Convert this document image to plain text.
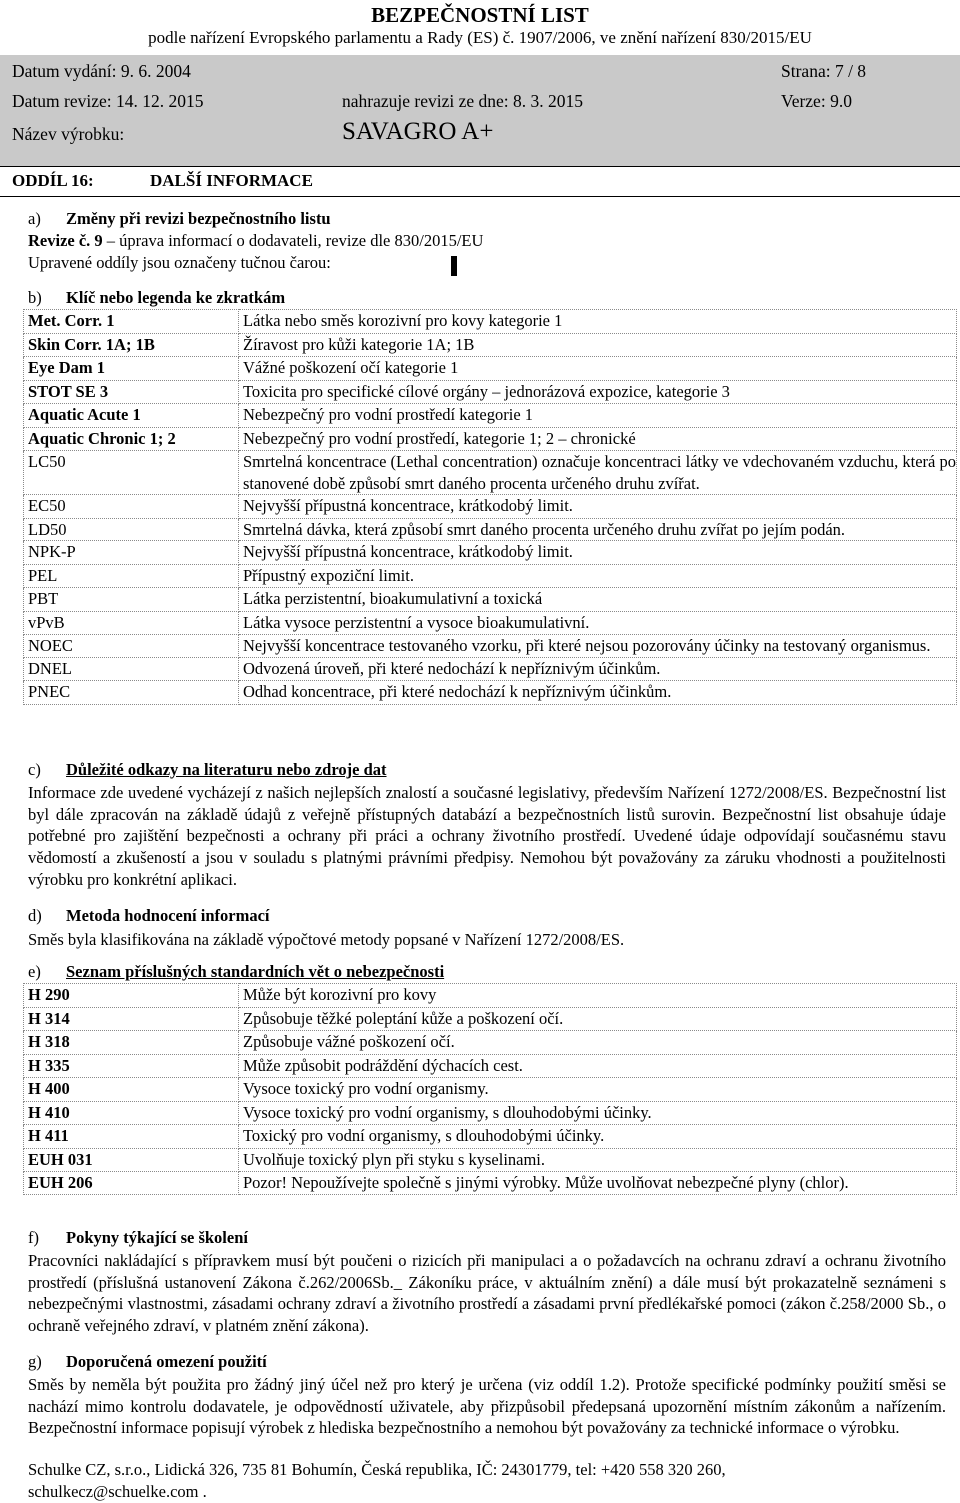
BEZPEČNOSTNÍ LIST
podle nařízení Evropského parlamentu a Rady (ES) č. 1907/2006, ve znění nařízení 830/2015/EU
Datum vydání: 9. 6. 2004	Strana: 7 / 8
Datum revize: 14. 12. 2015	nahrazuje revizi ze dne: 8. 3. 2015	Verze: 9.0
Název výrobku:	SAVAGRO A+
ODDÍL 16:	DALŠÍ INFORMACE
a) Změny při revizi bezpečnostního listu
Revize č. 9 – úprava informací o dodavateli, revize dle 830/2015/EU
Upravené oddíly jsou označeny tučnou čarou:
b) Klíč nebo legenda ke zkratkám
Met. Corr. 1	Látka nebo směs korozivní pro kovy kategorie 1
Skin Corr. 1A; 1B	Žíravost pro kůži kategorie 1A; 1B
Eye Dam 1	Vážné poškození očí kategorie 1
STOT SE 3	Toxicita pro specifické cílové orgány – jednorázová expozice, kategorie 3
Aquatic Acute 1	Nebezpečný pro vodní prostředí kategorie 1
Aquatic Chronic 1; 2	Nebezpečný pro vodní prostředí, kategorie 1; 2 – chronické
LC50	Smrtelná koncentrace (Lethal concentration) označuje koncentraci látky ve vdechovaném vzduchu, která po stanovené době způsobí smrt daného procenta určeného druhu zvířat.
EC50	Nejvyšší přípustná koncentrace, krátkodobý limit.
LD50	Smrtelná dávka, která způsobí smrt daného procenta určeného druhu zvířat po jejím podán.
NPK-P	Nejvyšší přípustná koncentrace, krátkodobý limit.
PEL	Přípustný expoziční limit.
PBT	Látka perzistentní, bioakumulativní a toxická
vPvB	Látka vysoce perzistentní a vysoce bioakumulativní.
NOEC	Nejvyšší koncentrace testovaného vzorku, při které nejsou pozorovány účinky na testovaný organismus.
DNEL	Odvozená úroveň, při které nedochází k nepříznivým účinkům.
PNEC	Odhad koncentrace, při které nedochází k nepříznivým účinkům.
c) Důležité odkazy na literaturu nebo zdroje dat
Informace zde uvedené vycházejí z našich nejlepších znalostí a současné legislativy, především Nařízení 1272/2008/ES. Bezpečnostní list byl dále zpracován na základě údajů z veřejně přístupných databází a bezpečnostních listů surovin. Bezpečnostní list obsahuje údaje potřebné pro zajištění bezpečnosti a ochrany při práci a ochrany životního prostředí. Uvedené údaje odpovídají současnému stavu vědomostí a zkušeností a jsou v souladu s platnými právními předpisy. Nemohou být považovány za záruku vhodnosti a použitelnosti výrobku pro konkrétní aplikaci.
d) Metoda hodnocení informací
Směs byla klasifikována na základě výpočtové metody popsané v Nařízení 1272/2008/ES.
e) Seznam příslušných standardních vět o nebezpečnosti
H 290	Může být korozivní pro kovy
H 314	Způsobuje těžké poleptání kůže a poškození očí.
H 318	Způsobuje vážné poškození očí.
H 335	Může způsobit podráždění dýchacích cest.
H 400	Vysoce toxický pro vodní organismy.
H 410	Vysoce toxický pro vodní organismy, s dlouhodobými účinky.
H 411	Toxický pro vodní organismy, s dlouhodobými účinky.
EUH 031	Uvolňuje toxický plyn při styku s kyselinami.
EUH 206	Pozor! Nepoužívejte společně s jinými výrobky. Může uvolňovat nebezpečné plyny (chlor).
f) Pokyny týkající se školení
Pracovníci nakládající s přípravkem musí být poučeni o rizicích při manipulaci a o požadavcích na ochranu zdraví a ochranu životního prostředí (příslušná ustanovení Zákona č.262/2006Sb._ Zákoníku práce, v aktuálním znění) a dále musí být prokazatelně seznámeni s nebezpečnými vlastnostmi, zásadami ochrany zdraví a životního prostředí a zásadami první předlékařské pomoci (zákon č.258/2000 Sb., o ochraně veřejného zdraví, v platném znění zákona).
g) Doporučená omezení použití
Směs by neměla být použita pro žádný jiný účel než pro který je určena (viz oddíl 1.2). Protože specifické podmínky použití směsi se nachází mimo kontrolu dodavatele, je odpovědností uživatele, aby přizpůsobil předepsaná upozornění místním zákonům a nařízením. Bezpečnostní informace popisují výrobek z hlediska bezpečnostního a nemohou být považovány za technické informace o výrobku.
Schulke CZ, s.r.o., Lidická 326, 735 81 Bohumín, Česká republika, IČ: 24301779, tel: +420 558 320 260,
schulkecz@schuelke.com .
